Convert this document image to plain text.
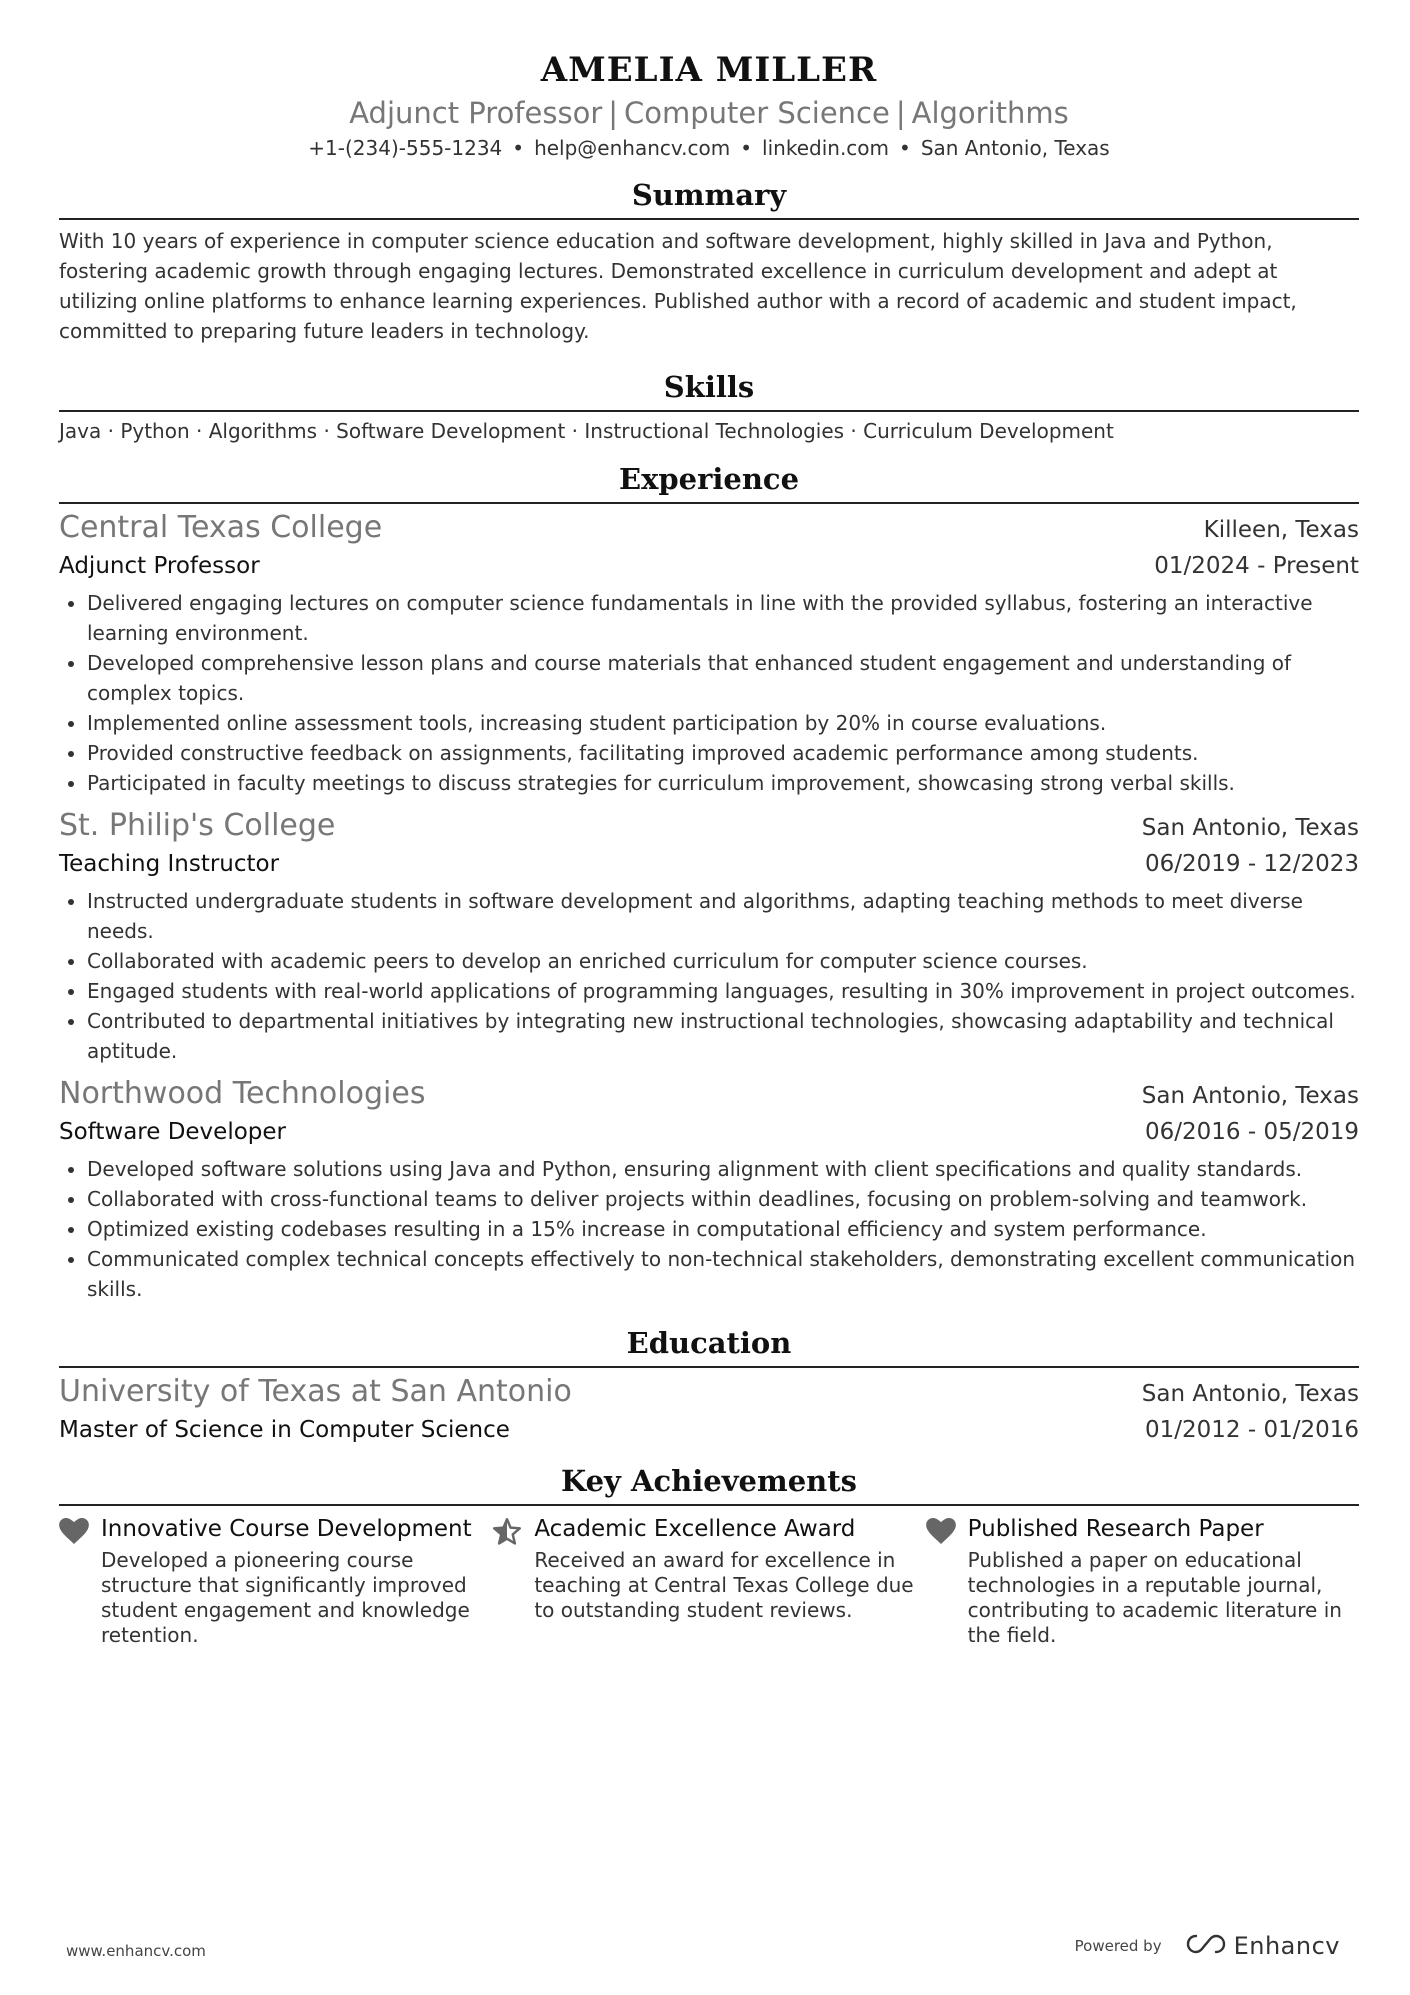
AMELIA MILLER
Adjunct Professor | Computer Science | Algorithms
+1-(234)-555-1234 • help@enhancv.com • linkedin.com • San Antonio, Texas
Summary
With 10 years of experience in computer science education and software development, highly skilled in Java and Python, fostering academic growth through engaging lectures. Demonstrated excellence in curriculum development and adept at utilizing online platforms to enhance learning experiences. Published author with a record of academic and student impact, committed to preparing future leaders in technology.
Skills
Java · Python · Algorithms · Software Development · Instructional Technologies · Curriculum Development
Experience
Central Texas College	Killeen, Texas
Adjunct Professor	01/2024 - Present
• Delivered engaging lectures on computer science fundamentals in line with the provided syllabus, fostering an interactive learning environment.
• Developed comprehensive lesson plans and course materials that enhanced student engagement and understanding of complex topics.
• Implemented online assessment tools, increasing student participation by 20% in course evaluations.
• Provided constructive feedback on assignments, facilitating improved academic performance among students.
• Participated in faculty meetings to discuss strategies for curriculum improvement, showcasing strong verbal skills.
St. Philip's College	San Antonio, Texas
Teaching Instructor	06/2019 - 12/2023
• Instructed undergraduate students in software development and algorithms, adapting teaching methods to meet diverse needs.
• Collaborated with academic peers to develop an enriched curriculum for computer science courses.
• Engaged students with real-world applications of programming languages, resulting in 30% improvement in project outcomes.
• Contributed to departmental initiatives by integrating new instructional technologies, showcasing adaptability and technical aptitude.
Northwood Technologies	San Antonio, Texas
Software Developer	06/2016 - 05/2019
• Developed software solutions using Java and Python, ensuring alignment with client specifications and quality standards.
• Collaborated with cross-functional teams to deliver projects within deadlines, focusing on problem-solving and teamwork.
• Optimized existing codebases resulting in a 15% increase in computational efficiency and system performance.
• Communicated complex technical concepts effectively to non-technical stakeholders, demonstrating excellent communication skills.
Education
University of Texas at San Antonio	San Antonio, Texas
Master of Science in Computer Science	01/2012 - 01/2016
Key Achievements
Innovative Course Development
Developed a pioneering course structure that significantly improved student engagement and knowledge retention.
Academic Excellence Award
Received an award for excellence in teaching at Central Texas College due to outstanding student reviews.
Published Research Paper
Published a paper on educational technologies in a reputable journal, contributing to academic literature in the field.
www.enhancv.com	Powered by	Enhancv
